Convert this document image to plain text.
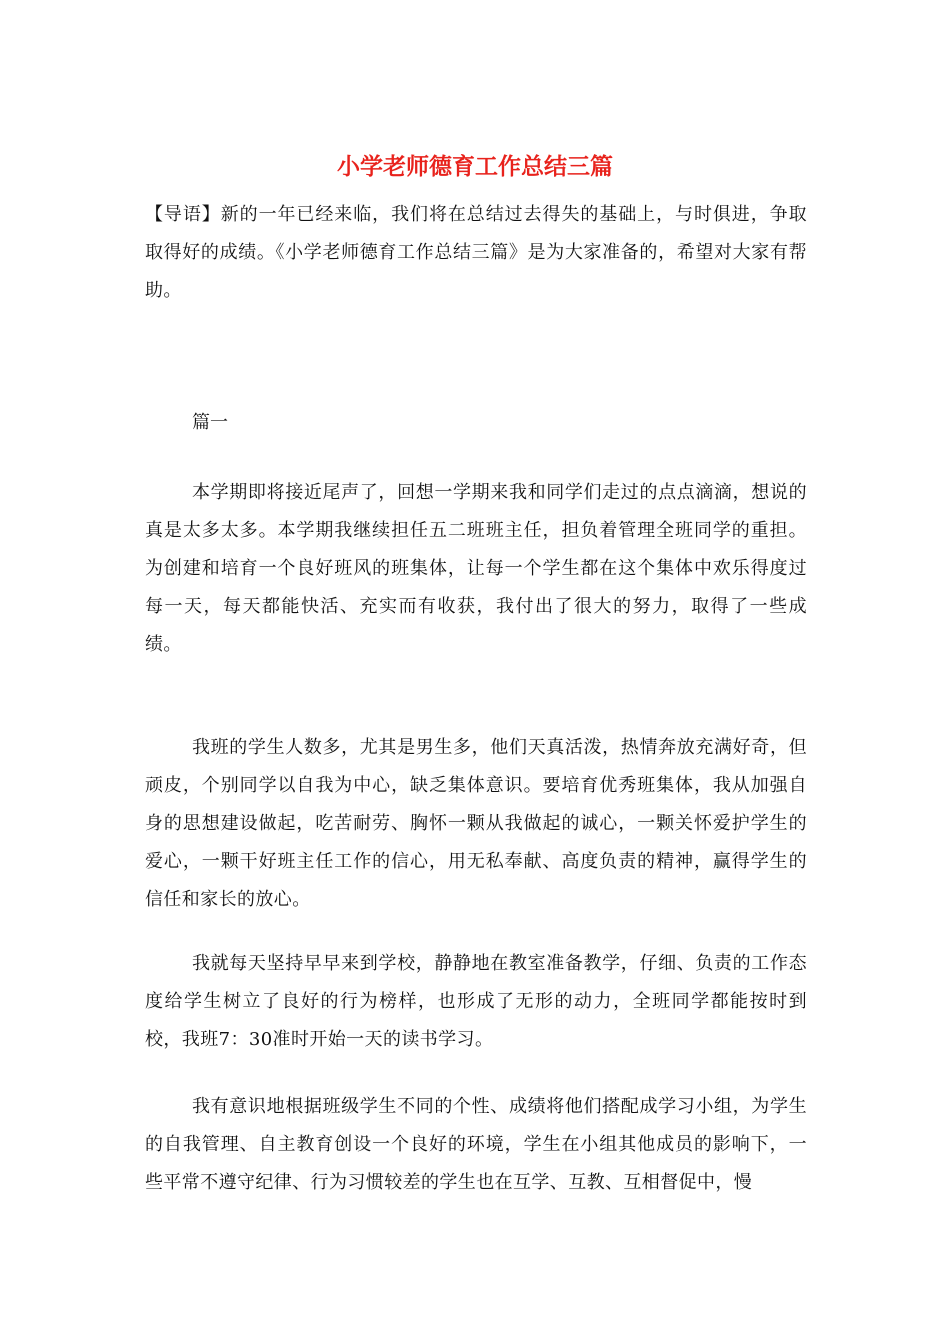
小学老师德育工作总结三篇

【导语】新的一年已经来临，我们将在总结过去得失的基础上，与时俱进，争取取得好的成绩。《小学老师德育工作总结三篇》是为大家准备的，希望对大家有帮助。

篇一

本学期即将接近尾声了，回想一学期来我和同学们走过的点点滴滴，想说的真是太多太多。本学期我继续担任五二班班主任，担负着管理全班同学的重担。为创建和培育一个良好班风的班集体，让每一个学生都在这个集体中欢乐得度过每一天，每天都能快活、充实而有收获，我付出了很大的努力，取得了一些成绩。

我班的学生人数多，尤其是男生多，他们天真活泼，热情奔放充满好奇，但顽皮，个别同学以自我为中心，缺乏集体意识。要培育优秀班集体，我从加强自身的思想建设做起，吃苦耐劳、胸怀一颗从我做起的诚心，一颗关怀爱护学生的爱心，一颗干好班主任工作的信心，用无私奉献、高度负责的精神，赢得学生的信任和家长的放心。

我就每天坚持早早来到学校，静静地在教室准备教学，仔细、负责的工作态度给学生树立了良好的行为榜样，也形成了无形的动力，全班同学都能按时到校，我班7：30准时开始一天的读书学习。

我有意识地根据班级学生不同的个性、成绩将他们搭配成学习小组，为学生的自我管理、自主教育创设一个良好的环境，学生在小组其他成员的影响下，一些平常不遵守纪律、行为习惯较差的学生也在互学、互教、互相督促中，慢
